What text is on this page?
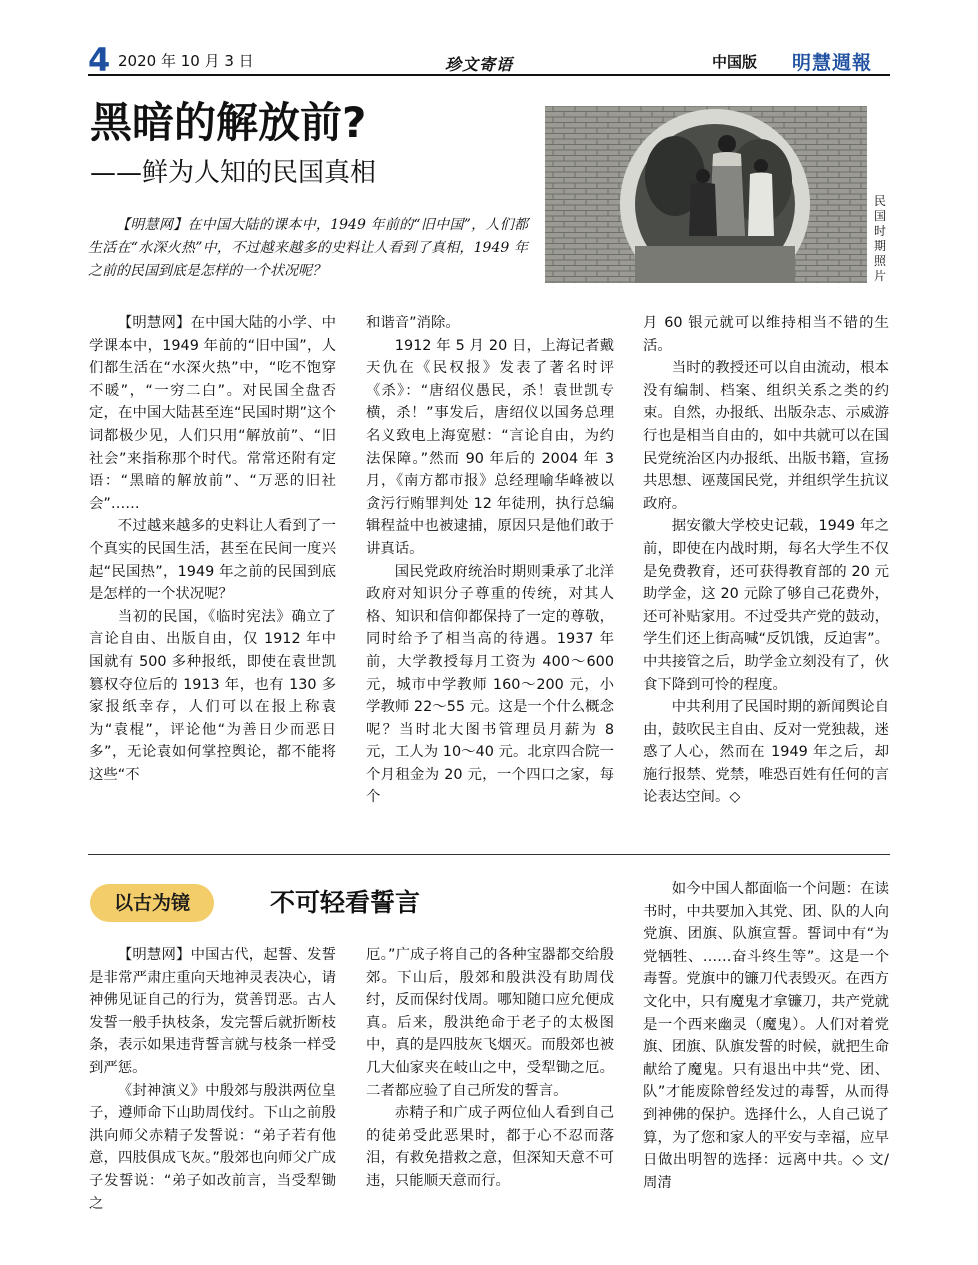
4 2020 年 10 月 3 日	珍文寄语	中国版 明慧週報
黑暗的解放前?
——鲜为人知的民国真相
【明慧网】在中国大陆的课本中，1949 年前的“旧中国”，人们都生活在“水深火热”中，不过越来越多的史料让人看到了真相，1949 年之前的民国到底是怎样的一个状况呢？
民国时期照片

【明慧网】在中国大陆的小学、中学课本中，1949 年前的“旧中国”，人们都生活在“水深火热”中，“吃不饱穿不暖”，“一穷二白”。对民国全盘否定，在中国大陆甚至连“民国时期”这个词都极少见，人们只用“解放前”、“旧社会”来指称那个时代。常常还附有定语：“黑暗的解放前”、“万恶的旧社会”……

不过越来越多的史料让人看到了一个真实的民国生活，甚至在民间一度兴起“民国热”，1949 年之前的民国到底是怎样的一个状况呢？

当初的民国，《临时宪法》确立了言论自由、出版自由，仅 1912 年中国就有 500 多种报纸，即使在袁世凯篡权夺位后的 1913 年，也有 130 多家报纸幸存，人们可以在报上称袁为“袁棍”，评论他“为善日少而恶日多”，无论袁如何掌控舆论，都不能将这些“不

和谐音”消除。

1912 年 5 月 20 日，上海记者戴天仇在《民权报》发表了著名时评《杀》：“唐绍仪愚民，杀！袁世凯专横，杀！”事发后，唐绍仪以国务总理名义致电上海宽慰：“言论自由，为约法保障。”然而 90 年后的 2004 年 3 月，《南方都市报》总经理喻华峰被以贪污行贿罪判处 12 年徒刑，执行总编辑程益中也被逮捕，原因只是他们敢于讲真话。

国民党政府统治时期则秉承了北洋政府对知识分子尊重的传统，对其人格、知识和信仰都保持了一定的尊敬，同时给予了相当高的待遇。1937 年前，大学教授每月工资为 400～600 元，城市中学教师 160～200 元，小学教师 22～55 元。这是一个什么概念呢？当时北大图书管理员月薪为 8 元，工人为 10～40 元。北京四合院一个月租金为 20 元，一个四口之家，每个

月 60 银元就可以维持相当不错的生活。

当时的教授还可以自由流动，根本没有编制、档案、组织关系之类的约束。自然，办报纸、出版杂志、示威游行也是相当自由的，如中共就可以在国民党统治区内办报纸、出版书籍，宣扬共思想、诬蔑国民党，并组织学生抗议政府。

据安徽大学校史记载，1949 年之前，即使在内战时期，每名大学生不仅是免费教育，还可获得教育部的 20 元助学金，这 20 元除了够自己花费外，还可补贴家用。不过受共产党的鼓动，学生们还上街高喊“反饥饿，反迫害”。中共接管之后，助学金立刻没有了，伙食下降到可怜的程度。

中共利用了民国时期的新闻舆论自由，鼓吹民主自由、反对一党独裁，迷惑了人心，然而在 1949 年之后，却施行报禁、党禁，唯恐百姓有任何的言论表达空间。◇

以古为镜	不可轻看誓言

【明慧网】中国古代，起誓、发誓是非常严肃庄重向天地神灵表决心，请神佛见证自己的行为，赏善罚恶。古人发誓一般手执枝条，发完誓后就折断枝条，表示如果违背誓言就与枝条一样受到严惩。

《封神演义》中殷郊与殷洪两位皇子，遵师命下山助周伐纣。下山之前殷洪向师父赤精子发誓说：“弟子若有他意，四肢俱成飞灰。”殷郊也向师父广成子发誓说：“弟子如改前言，当受犁锄之

厄。”广成子将自己的各种宝器都交给殷郊。下山后，殷郊和殷洪没有助周伐纣，反而保纣伐周。哪知随口应允便成真。后来，殷洪绝命于老子的太极图中，真的是四肢灰飞烟灭。而殷郊也被几大仙家夹在岐山之中，受犁锄之厄。二者都应验了自己所发的誓言。

赤精子和广成子两位仙人看到自己的徒弟受此恶果时，都于心不忍而落泪，有救免措救之意，但深知天意不可违，只能顺天意而行。

如今中国人都面临一个问题：在读书时，中共要加入其党、团、队的人向党旗、团旗、队旗宣誓。誓词中有“为党牺牲、……奋斗终生等”。这是一个毒誓。党旗中的镰刀代表毁灭。在西方文化中，只有魔鬼才拿镰刀，共产党就是一个西来幽灵（魔鬼）。人们对着党旗、团旗、队旗发誓的时候，就把生命献给了魔鬼。只有退出中共“党、团、队”才能废除曾经发过的毒誓，从而得到神佛的保护。选择什么，人自己说了算，为了您和家人的平安与幸福，应早日做出明智的选择：远离中共。◇ 文/周清
